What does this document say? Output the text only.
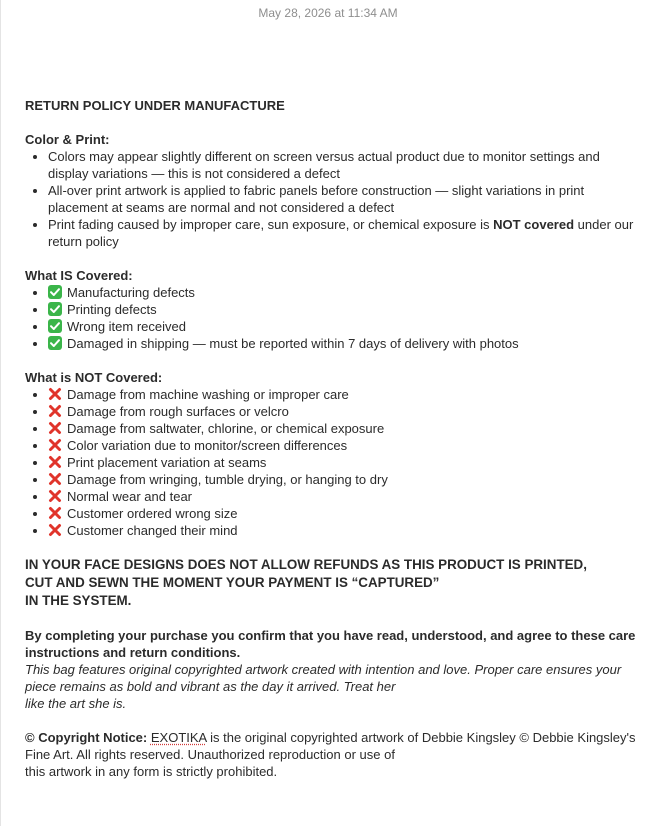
May 28, 2026 at 11:34 AM

RETURN POLICY UNDER MANUFACTURE

Color & Print:

• Colors may appear slightly different on screen versus actual product due to monitor settings and display variations — this is not considered a defect
• All-over print artwork is applied to fabric panels before construction — slight variations in print placement at seams are normal and not considered a defect
• Print fading caused by improper care, sun exposure, or chemical exposure is NOT covered under our return policy

What IS Covered:

• Manufacturing defects
• Printing defects
• Wrong item received
• Damaged in shipping — must be reported within 7 days of delivery with photos

What is NOT Covered:

• Damage from machine washing or improper care
• Damage from rough surfaces or velcro
• Damage from saltwater, chlorine, or chemical exposure
• Color variation due to monitor/screen differences
• Print placement variation at seams
• Damage from wringing, tumble drying, or hanging to dry
• Normal wear and tear
• Customer ordered wrong size
• Customer changed their mind
IN YOUR FACE DESIGNS DOES NOT ALLOW REFUNDS AS THIS PRODUCT IS PRINTED,
CUT AND SEWN THE MOMENT YOUR PAYMENT IS “CAPTURED”
IN THE SYSTEM.
By completing your purchase you confirm that you have read, understood, and agree to these care instructions and return conditions.
This bag features original copyrighted artwork created with intention and love. Proper care ensures your piece remains as bold and vibrant as the day it arrived. Treat her
like the art she is.
© Copyright Notice: EXOTIKA is the original copyrighted artwork of Debbie Kingsley © Debbie Kingsley's Fine Art. All rights reserved. Unauthorized reproduction or use of
this artwork in any form is strictly prohibited.
